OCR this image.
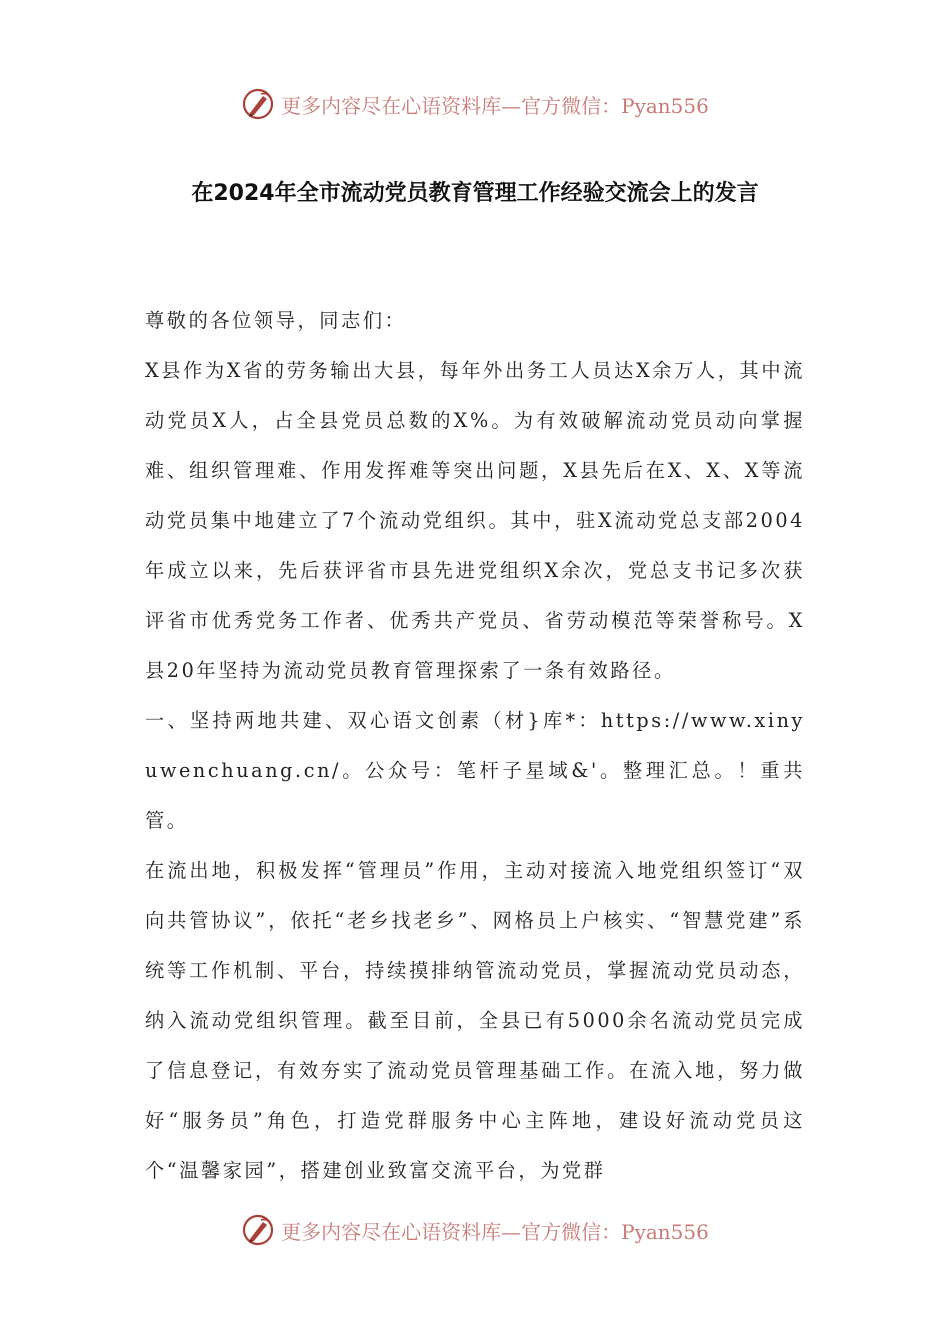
更多内容尽在心语资料库—官方微信：Pyan556
在2024年全市流动党员教育管理工作经验交流会上的发言

尊敬的各位领导，同志们：

X县作为X省的劳务输出大县，每年外出务工人员达X余万人，其中流动党员X人，占全县党员总数的X%。为有效破解流动党员动向掌握难、组织管理难、作用发挥难等突出问题，X县先后在X、X、X等流动党员集中地建立了7个流动党组织。其中，驻X流动党总支部2004年成立以来，先后获评省市县先进党组织X余次，党总支书记多次获评省市优秀党务工作者、优秀共产党员、省劳动模范等荣誉称号。X县20年坚持为流动党员教育管理探索了一条有效路径。

一、坚持两地共建、双心语文创素（材}库*：https://www.xinyuwenchuang.cn/。公众号：笔杆子星域&'。整理汇总。！重共管。

在流出地，积极发挥“管理员”作用，主动对接流入地党组织签订“双向共管协议”，依托“老乡找老乡”、网格员上户核实、“智慧党建”系统等工作机制、平台，持续摸排纳管流动党员，掌握流动党员动态，纳入流动党组织管理。截至目前，全县已有5000余名流动党员完成了信息登记，有效夯实了流动党员管理基础工作。在流入地，努力做好“服务员”角色，打造党群服务中心主阵地，建设好流动党员这个“温馨家园”，搭建创业致富交流平台，为党群

更多内容尽在心语资料库—官方微信：Pyan556
